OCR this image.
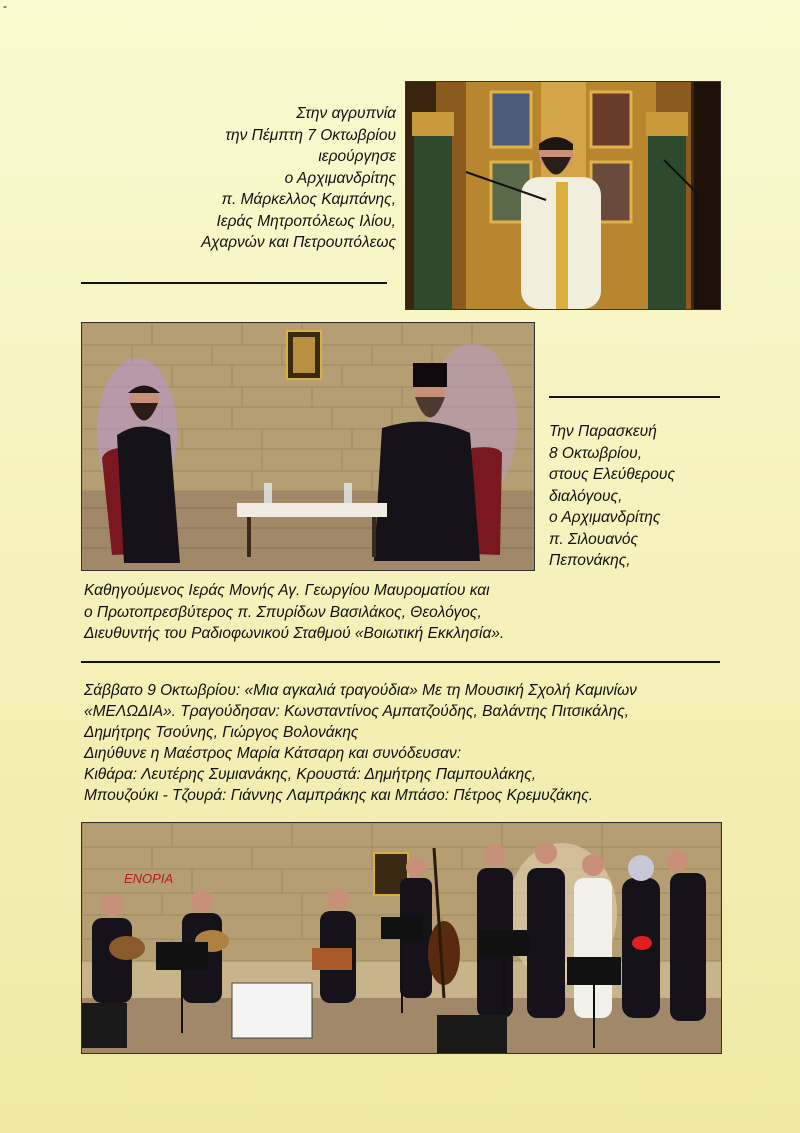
-
Στην αγρυπνία
την Πέμπτη 7 Οκτωβρίου
ιερούργησε
ο Αρχιμανδρίτης
π. Μάρκελλος Καμπάνης,
Ιεράς Μητροπόλεως Ιλίου,
Αχαρνών και Πετρουπόλεως
Την Παρασκευή
8 Οκτωβρίου,
στους Ελεύθερους
διαλόγους,
ο Αρχιμανδρίτης
π. Σιλουανός
Πεπονάκης,
Καθηγούμενος Ιεράς Μονής Αγ. Γεωργίου Μαυροματίου και
ο Πρωτοπρεσβύτερος π. Σπυρίδων Βασιλάκος, Θεολόγος,
Διευθυντής του Ραδιοφωνικού Σταθμού «Βοιωτική Εκκλησία».
Σάββατο 9 Οκτωβρίου: «Μια αγκαλιά τραγούδια» Με τη Μουσική Σχολή Καμινίων
«ΜΕΛΩΔΙΑ». Τραγούδησαν: Κωνσταντίνος Αμπατζούδης, Βαλάντης Πιτσικάλης,
Δημήτρης Τσούνης, Γιώργος Βολονάκης
Διηύθυνε η Μαέστρος Μαρία Κάτσαρη και συνόδευσαν:
Κιθάρα: Λευτέρης Συμιανάκης, Κρουστά: Δημήτρης Παμπουλάκης,
Μπουζούκι - Τζουρά: Γιάννης Λαμπράκης και Μπάσο: Πέτρος Κρεμυζάκης.
ΕΝΟΡΙΑ
